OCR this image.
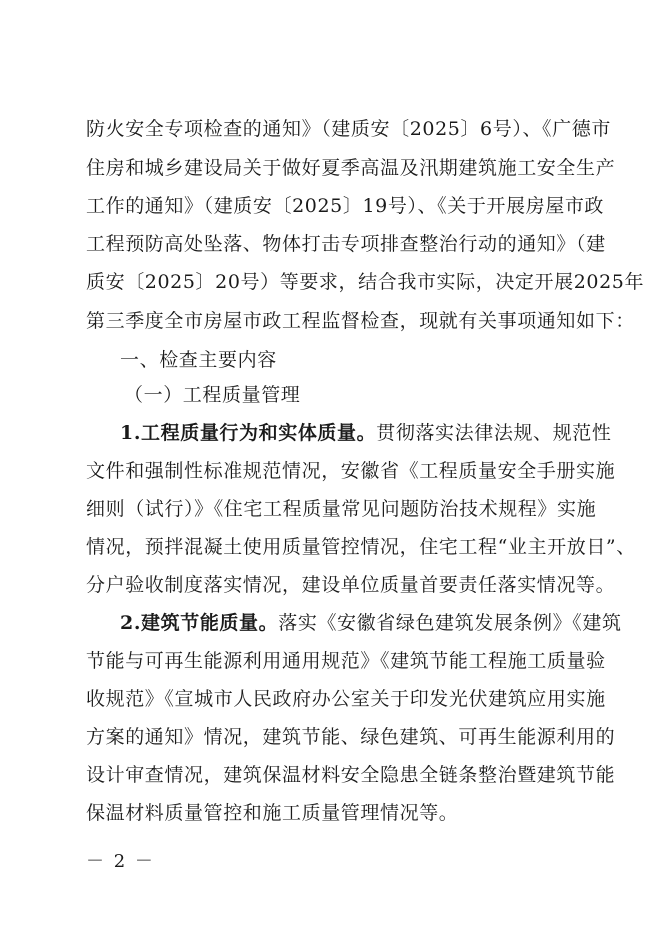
防火安全专项检查的通知》（建质安〔2025〕6号）、《广德市
住房和城乡建设局关于做好夏季高温及汛期建筑施工安全生产
工作的通知》（建质安〔2025〕19号）、《关于开展房屋市政
工程预防高处坠落、物体打击专项排查整治行动的通知》（建
质安〔2025〕20号）等要求，结合我市实际，决定开展2025年
第三季度全市房屋市政工程监督检查，现就有关事项通知如下：
一、检查主要内容
（一）工程质量管理
1.工程质量行为和实体质量。贯彻落实法律法规、规范性
文件和强制性标准规范情况，安徽省《工程质量安全手册实施
细则（试行）》《住宅工程质量常见问题防治技术规程》实施
情况，预拌混凝土使用质量管控情况，住宅工程“业主开放日”、
分户验收制度落实情况，建设单位质量首要责任落实情况等。
2.建筑节能质量。落实《安徽省绿色建筑发展条例》《建筑
节能与可再生能源利用通用规范》《建筑节能工程施工质量验
收规范》《宣城市人民政府办公室关于印发光伏建筑应用实施
方案的通知》情况，建筑节能、绿色建筑、可再生能源利用的
设计审查情况，建筑保温材料安全隐患全链条整治暨建筑节能
保温材料质量管控和施工质量管理情况等。
－ 2 －
